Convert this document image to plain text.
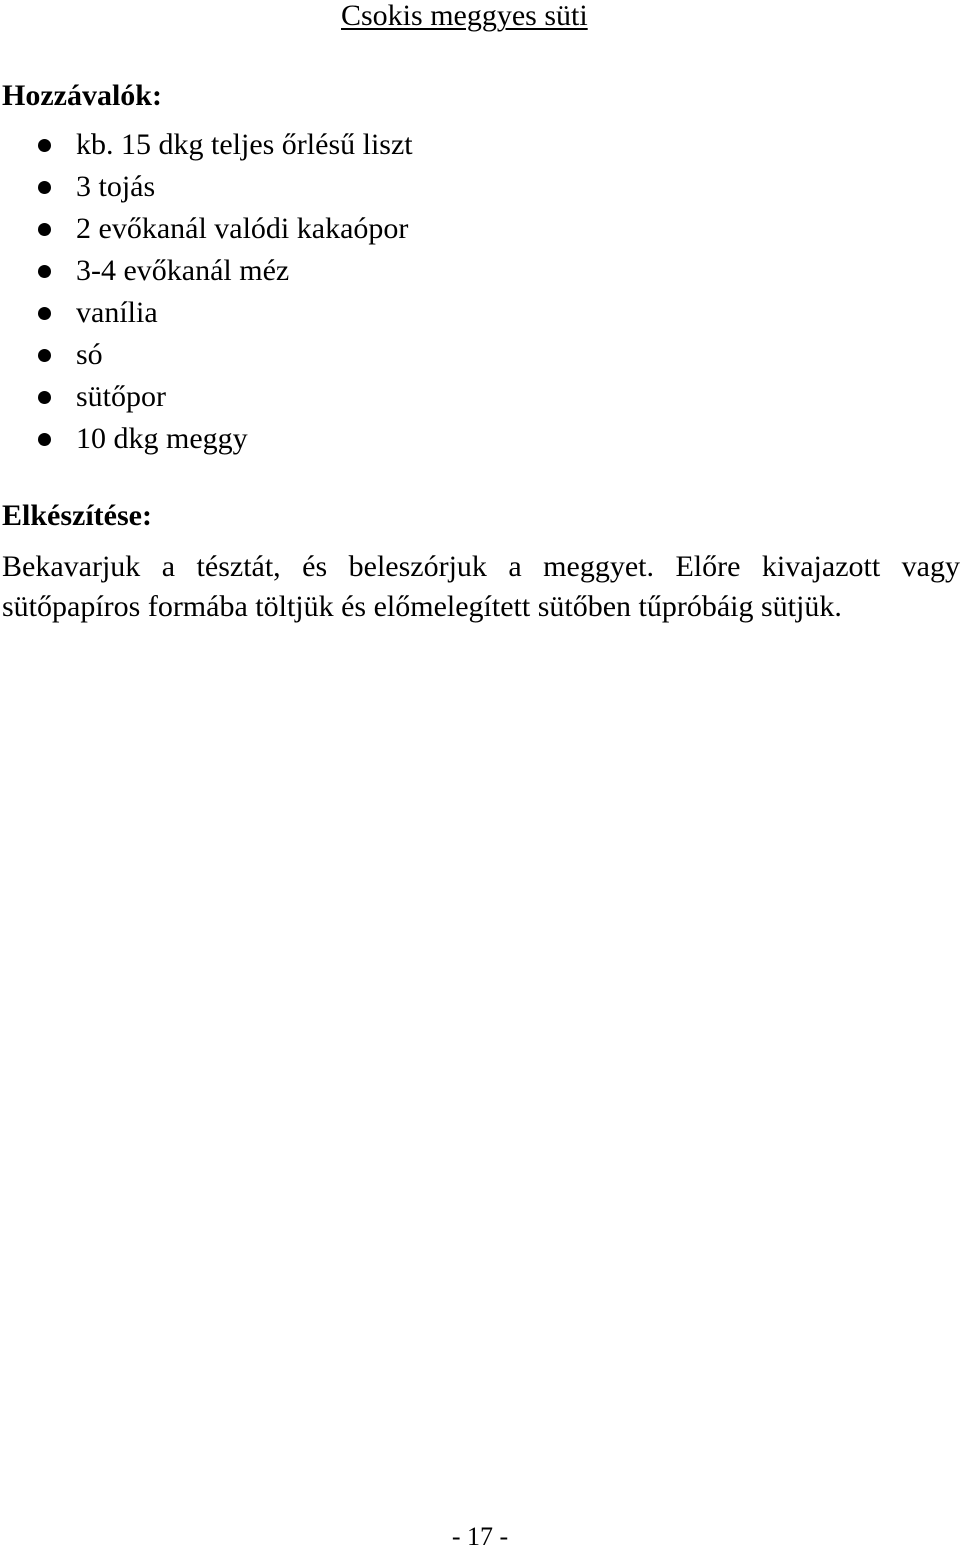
Csokis meggyes süti
Hozzávalók:
kb. 15 dkg teljes őrlésű liszt
3 tojás
2 evőkanál valódi kakaópor
3-4 evőkanál méz
vanília
só
sütőpor
10 dkg meggy
Elkészítése:

Bekavarjuk a tésztát, és beleszórjuk a meggyet. Előre kivajazott vagy
sütőpapíros formába töltjük és előmelegített sütőben tűpróbáig sütjük.

- 17 -
